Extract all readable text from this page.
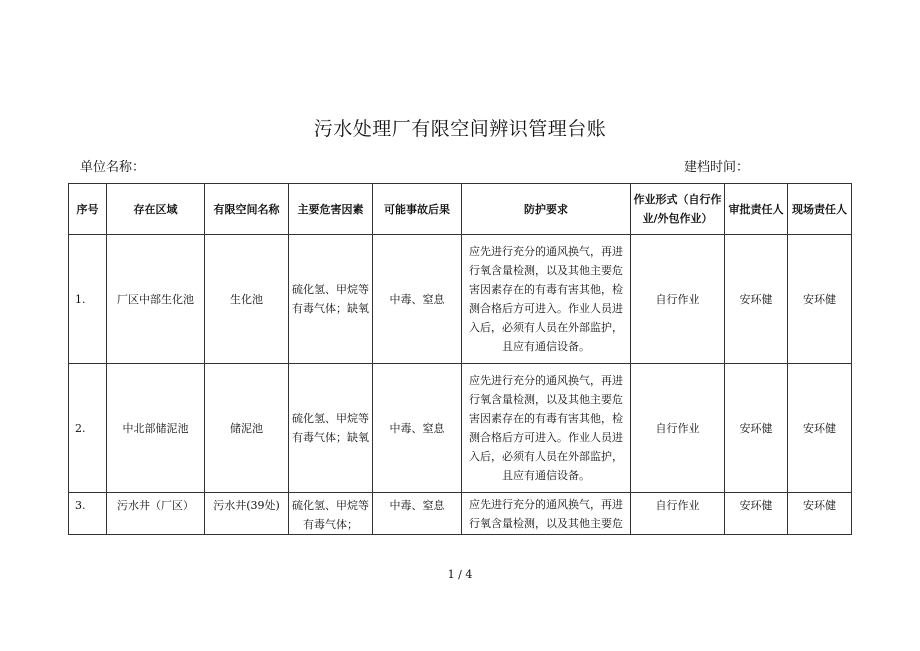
污水处理厂有限空间辨识管理台账
单位名称：	建档时间：
序号	存在区域	有限空间名称	主要危害因素	可能事故后果	防护要求	作业形式（自行作业/外包作业）	审批责任人	现场责任人
1.	厂区中部生化池	生化池	硫化氢、甲烷等有毒气体；缺氧	中毒、窒息	应先进行充分的通风换气，再进行氧含量检测，以及其他主要危害因素存在的有毒有害其他，检测合格后方可进入。作业人员进入后，必须有人员在外部监护，且应有通信设备。	自行作业	安环健	安环健
2.	中北部储泥池	储泥池	硫化氢、甲烷等有毒气体；缺氧	中毒、窒息	应先进行充分的通风换气，再进行氧含量检测，以及其他主要危害因素存在的有毒有害其他，检测合格后方可进入。作业人员进入后，必须有人员在外部监护，且应有通信设备。	自行作业	安环健	安环健
3.	污水井（厂区）	污水井(39处)	硫化氢、甲烷等有毒气体；	中毒、窒息	应先进行充分的通风换气，再进行氧含量检测，以及其他主要危	自行作业	安环健	安环健
1 / 4
